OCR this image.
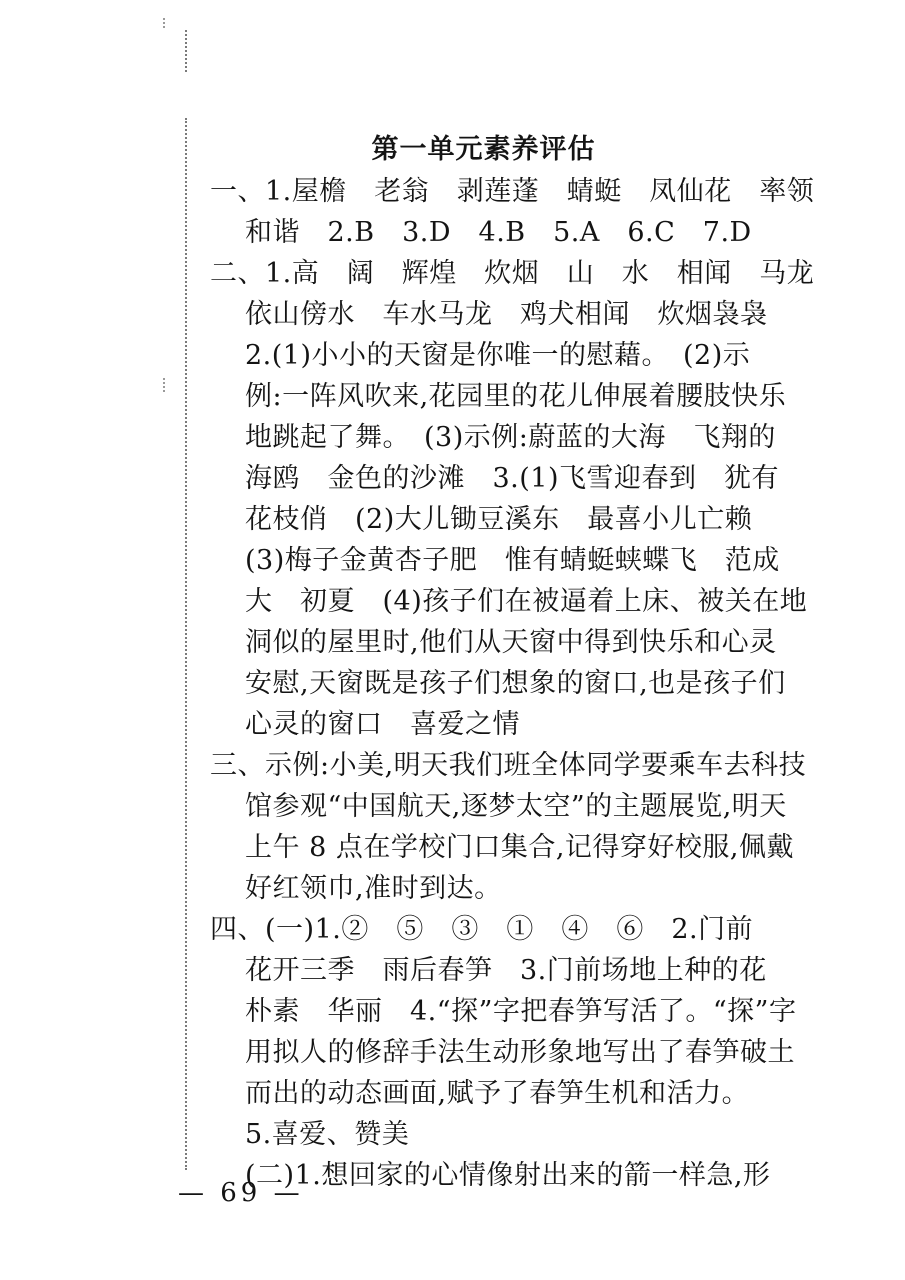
第一单元素养评估
一、1.屋檐　老翁　剥莲蓬　蜻蜓　凤仙花　率领
和谐　2.B　3.D　4.B　5.A　6.C　7.D
二、1.高　阔　辉煌　炊烟　山　水　相闻　马龙
依山傍水　车水马龙　鸡犬相闻　炊烟袅袅
2.(1)小小的天窗是你唯一的慰藉。　(2)示
例:一阵风吹来,花园里的花儿伸展着腰肢快乐
地跳起了舞。　(3)示例:蔚蓝的大海　飞翔的
海鸥　金色的沙滩　3.(1)飞雪迎春到　犹有
花枝俏　(2)大儿锄豆溪东　最喜小儿亡赖
(3)梅子金黄杏子肥　惟有蜻蜓蛱蝶飞　范成
大　初夏　(4)孩子们在被逼着上床、被关在地
洞似的屋里时,他们从天窗中得到快乐和心灵
安慰,天窗既是孩子们想象的窗口,也是孩子们
心灵的窗口　喜爱之情
三、示例:小美,明天我们班全体同学要乘车去科技
馆参观“中国航天,逐梦太空”的主题展览,明天
上午 8 点在学校门口集合,记得穿好校服,佩戴
好红领巾,准时到达。
四、(一)1.②　⑤　③　①　④　⑥　2.门前
花开三季　雨后春笋　3.门前场地上种的花
朴素　华丽　4.“探”字把春笋写活了。“探”字
用拟人的修辞手法生动形象地写出了春笋破土
而出的动态画面,赋予了春笋生机和活力。
5.喜爱、赞美
(二)1.想回家的心情像射出来的箭一样急,形
— 69 —
